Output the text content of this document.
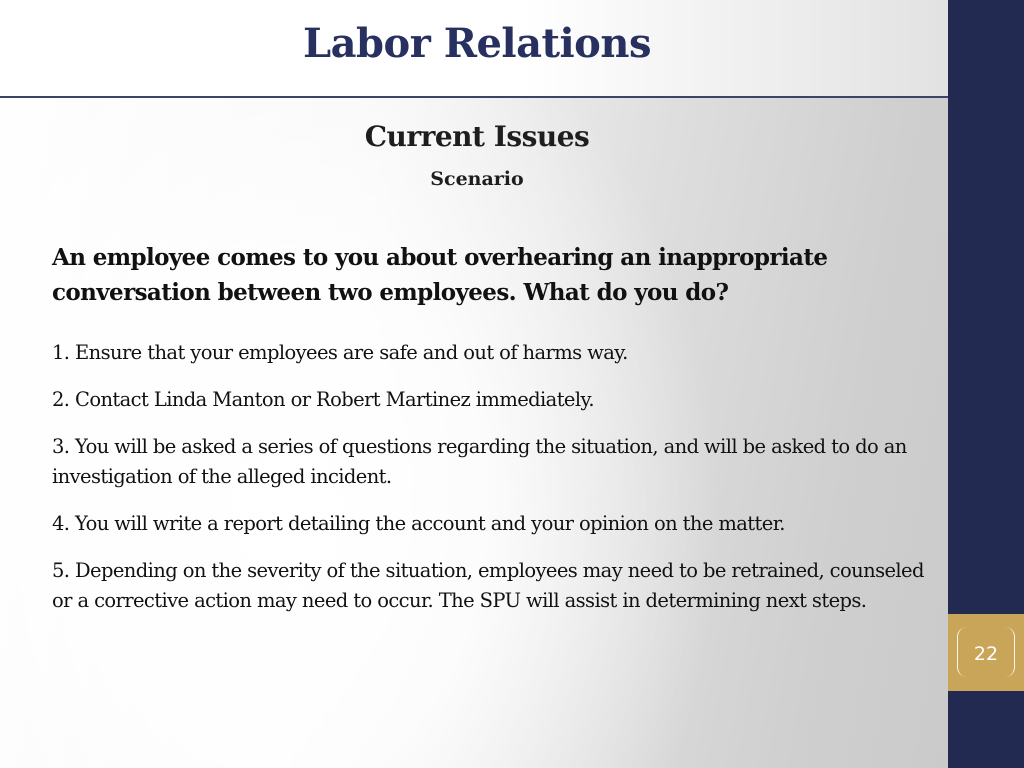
Labor Relations
22
Current Issues
Scenario
An employee comes to you about overhearing an inappropriate conversation between two employees. What do you do?
1. Ensure that your employees are safe and out of harms way.
2. Contact Linda Manton or Robert Martinez immediately.
3. You will be asked a series of questions regarding the situation, and will be asked to do an investigation of the alleged incident.
4. You will write a report detailing the account and your opinion on the matter.
5. Depending on the severity of the situation, employees may need to be retrained, counseled or a corrective action may need to occur. The SPU will assist in determining next steps.
